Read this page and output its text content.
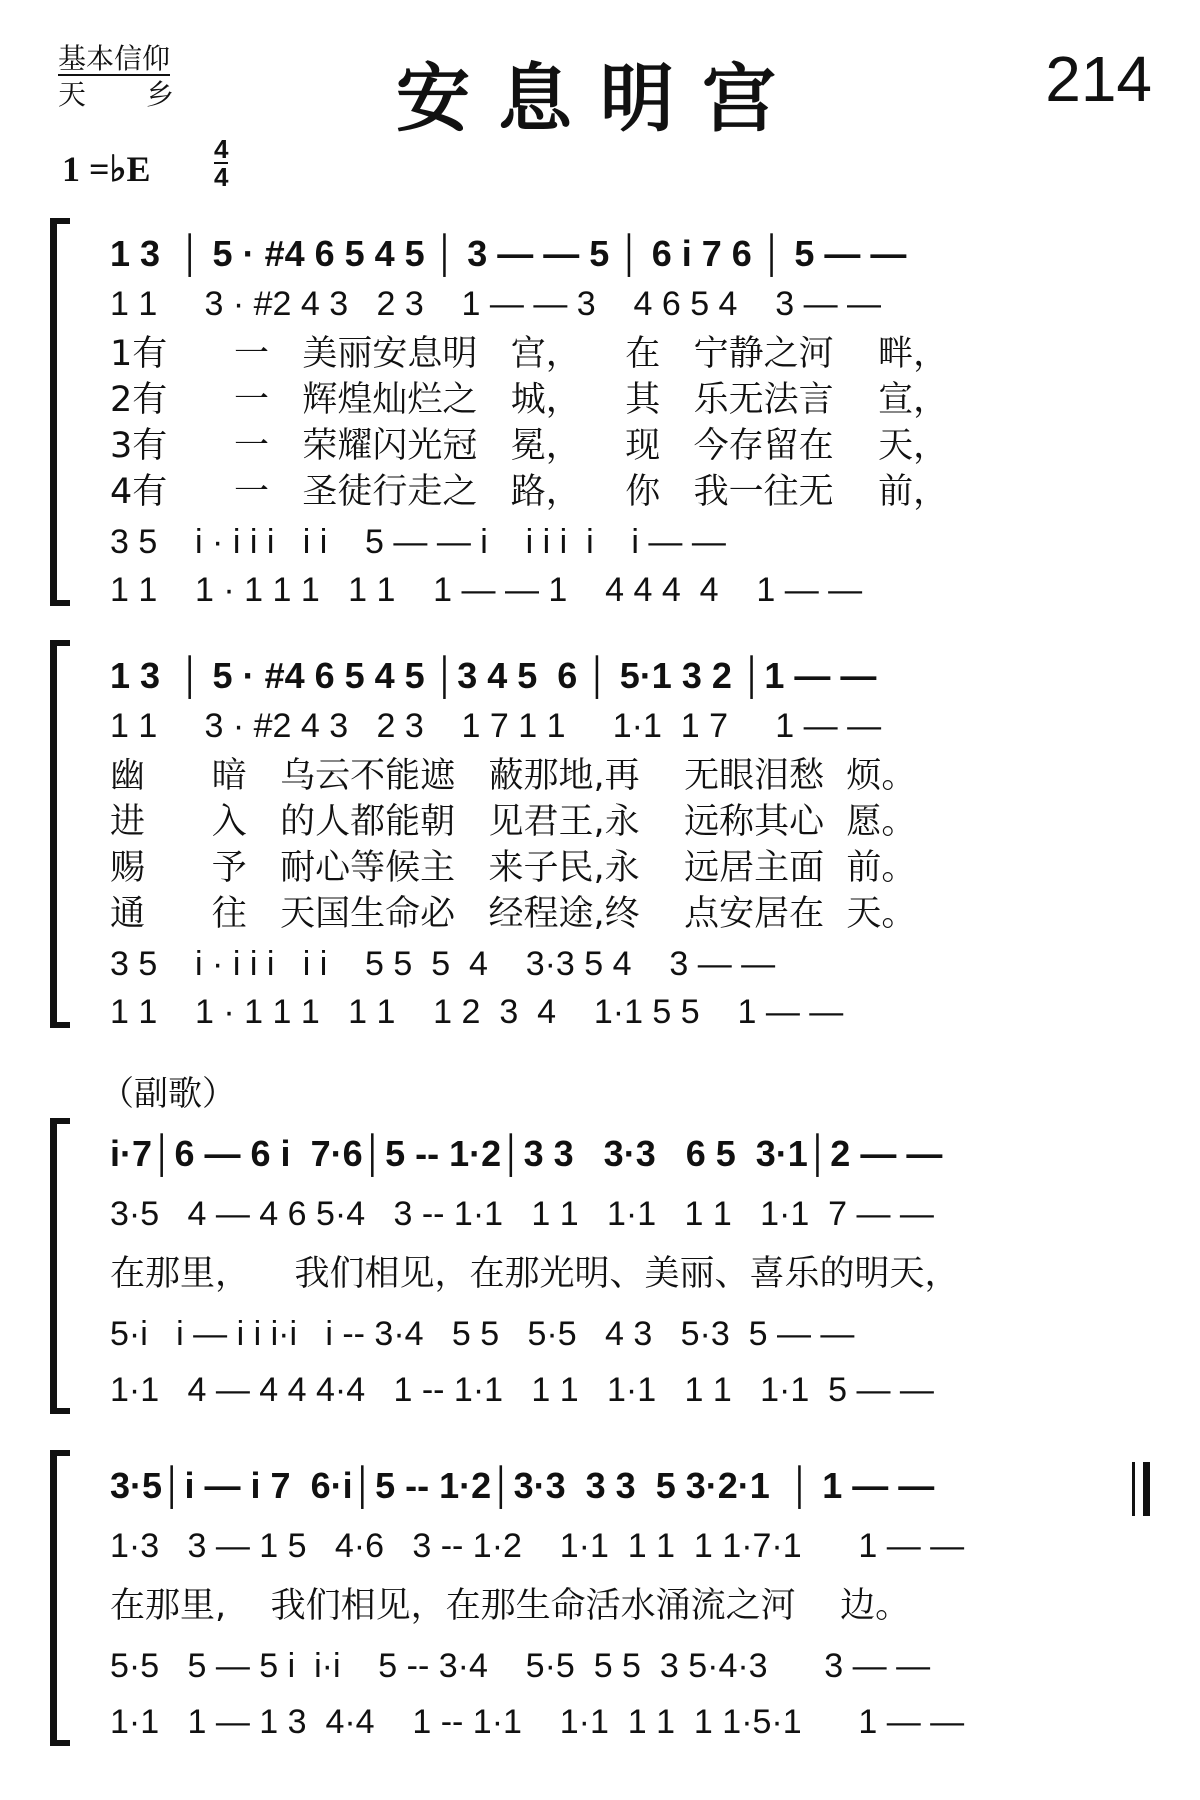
基本信仰
天乡	安息明宫	214
1 =♭E 4
4
1 3  │ 5 · #4 6 5 4 5 │ 3 — — 5 │ 6 i 7 6 │ 5 — —
1 1     3 · #2 4 3   2 3    1 — — 3    4 6 5 4    3 — —
1有      一   美丽安息明   宫，    在   宁静之河    畔，
2有      一   辉煌灿烂之   城，    其   乐无法言    宣，
3有      一   荣耀闪光冠   冕，    现   今存留在    天，
4有      一   圣徒行走之   路，    你   我一往无    前，
3 5    i · i i i   i i    5 — — i    i i i  i    i — —
1 1    1 · 1 1 1   1 1    1 — — 1    4 4 4  4    1 — —
1 3  │ 5 · #4 6 5 4 5 │3 4 5  6 │ 5·1 3 2 │1 — —
1 1     3 · #2 4 3   2 3    1 7 1 1     1·1  1 7     1 — —
幽      暗   乌云不能遮   蔽那地,再    无眼泪愁  烦。
进      入   的人都能朝   见君王,永    远称其心  愿。
赐      予   耐心等候主   来子民,永    远居主面  前。
通      往   天国生命必   经程途,终    点安居在  天。
3 5    i · i i i   i i    5 5  5  4    3·3 5 4    3 — —
1 1    1 · 1 1 1   1 1    1 2  3  4    1·1 5 5    1 — —
（副歌）
i·7│6 — 6 i  7·6│5 -- 1·2│3 3   3·3   6 5  3·1│2 — —
3·5   4 — 4 6 5·4   3 -- 1·1   1 1   1·1   1 1   1·1  7 — —
在那里，    我们相见，在那光明、美丽、喜乐的明天，
5·i   i — i i i·i   i -- 3·4   5 5   5·5   4 3   5·3  5 — —
1·1   4 — 4 4 4·4   1 -- 1·1   1 1   1·1   1 1   1·1  5 — —
3·5│i — i 7  6·i│5 -- 1·2│3·3  3 3  5 3·2·1  │ 1 — —
1·3   3 — 1 5   4·6   3 -- 1·2    1·1  1 1  1 1·7·1      1 — —
在那里,    我们相见，在那生命活水涌流之河    边。
5·5   5 — 5 i  i·i    5 -- 3·4    5·5  5 5  3 5·4·3      3 — —
1·1   1 — 1 3  4·4    1 -- 1·1    1·1  1 1  1 1·5·1      1 — —
